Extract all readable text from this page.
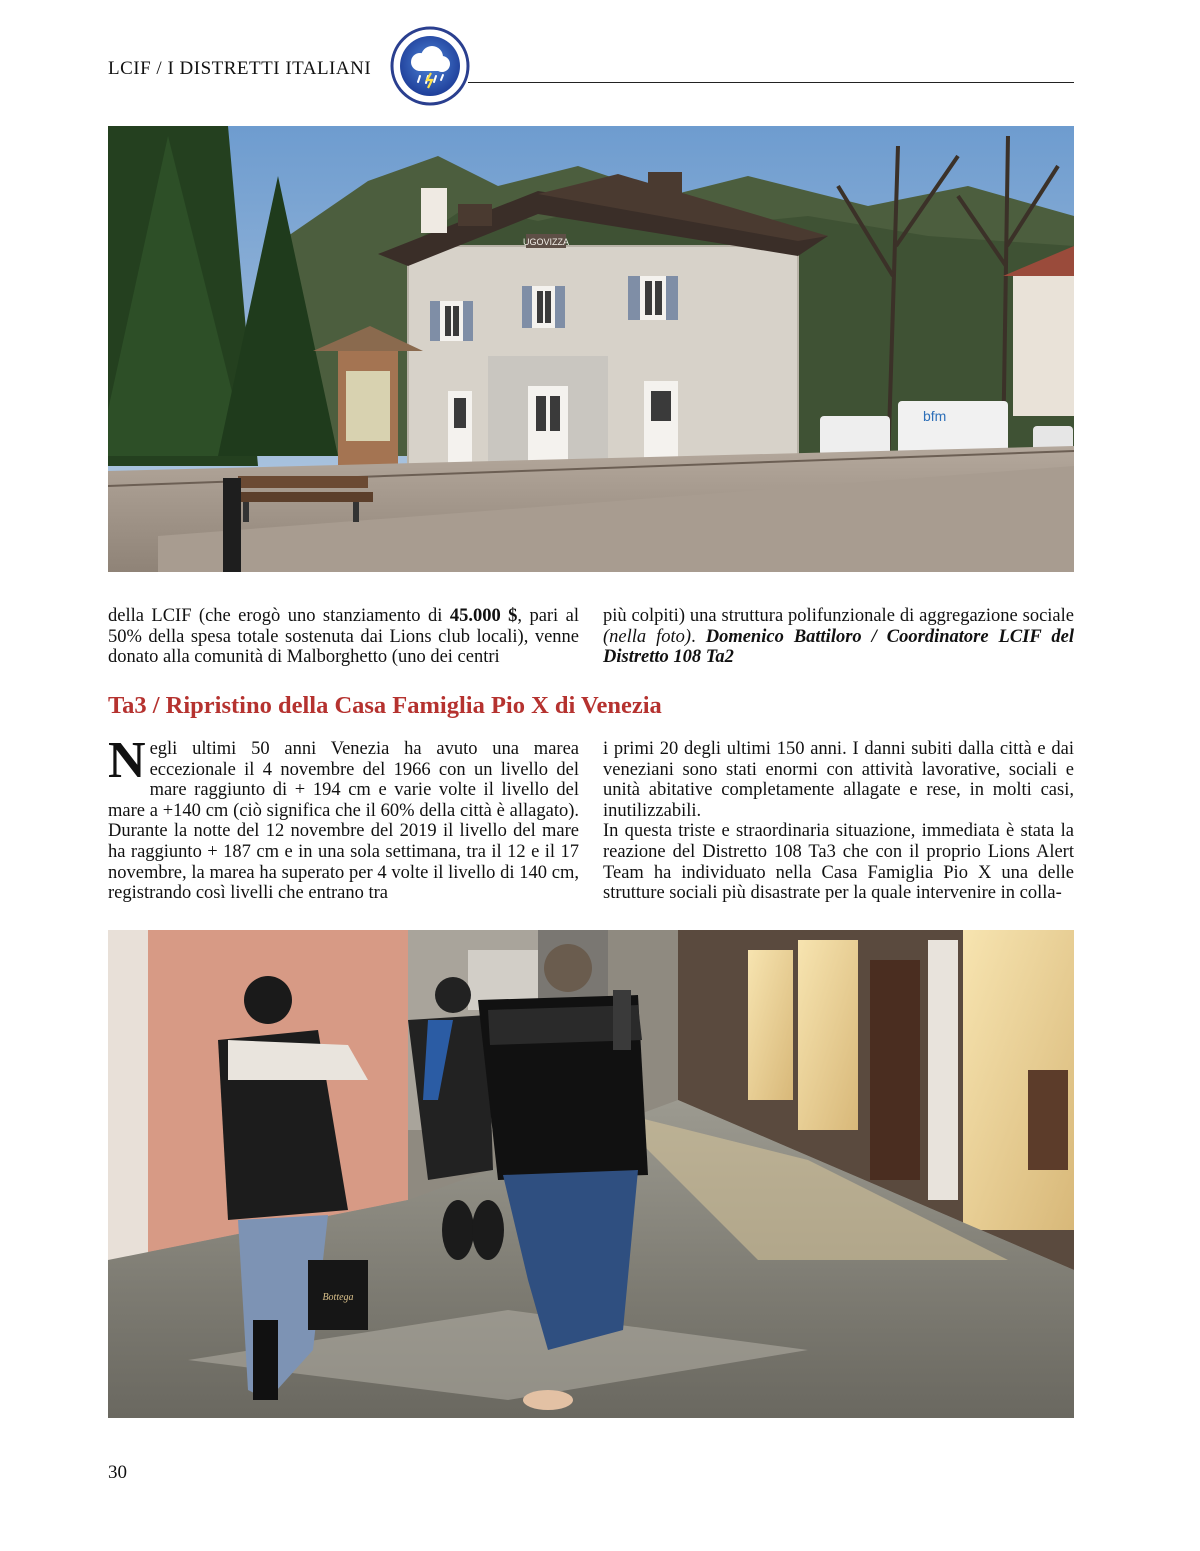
LCIF / I DISTRETTI ITALIANI
UGOVIZZA
bfm

della LCIF (che erogò uno stanziamento di 45.000 $, pari al 50% della spesa totale sostenuta dai Lions club locali), venne donato alla comunità di Malborghetto (uno dei centri

più colpiti) una struttura polifunzionale di aggregazione sociale (nella foto). Domenico Battiloro / Coordinatore LCIF del Distretto 108 Ta2

Ta3 / Ripristino della Casa Famiglia Pio X di Venezia

Negli ultimi 50 anni Venezia ha avuto una marea eccezionale il 4 novembre del 1966 con un livello del mare raggiunto di + 194 cm e varie volte il livello del mare a +140 cm (ciò significa che il 60% della città è allagato). Durante la notte del 12 novembre del 2019 il livello del mare ha raggiunto + 187 cm e in una sola settimana, tra il 12 e il 17 novembre, la marea ha superato per 4 volte il livello di 140 cm, registrando così livelli che entrano tra

i primi 20 degli ultimi 150 anni. I danni subiti dalla città e dai veneziani sono stati enormi con attività lavorative, sociali e unità abitative completamente allagate e rese, in molti casi, inutilizzabili.

In questa triste e straordinaria situazione, immediata è stata la reazione del Distretto 108 Ta3 che con il proprio Lions Alert Team ha individuato nella Casa Famiglia Pio X una delle strutture sociali più disastrate per la quale intervenire in colla-

Bottega
30
